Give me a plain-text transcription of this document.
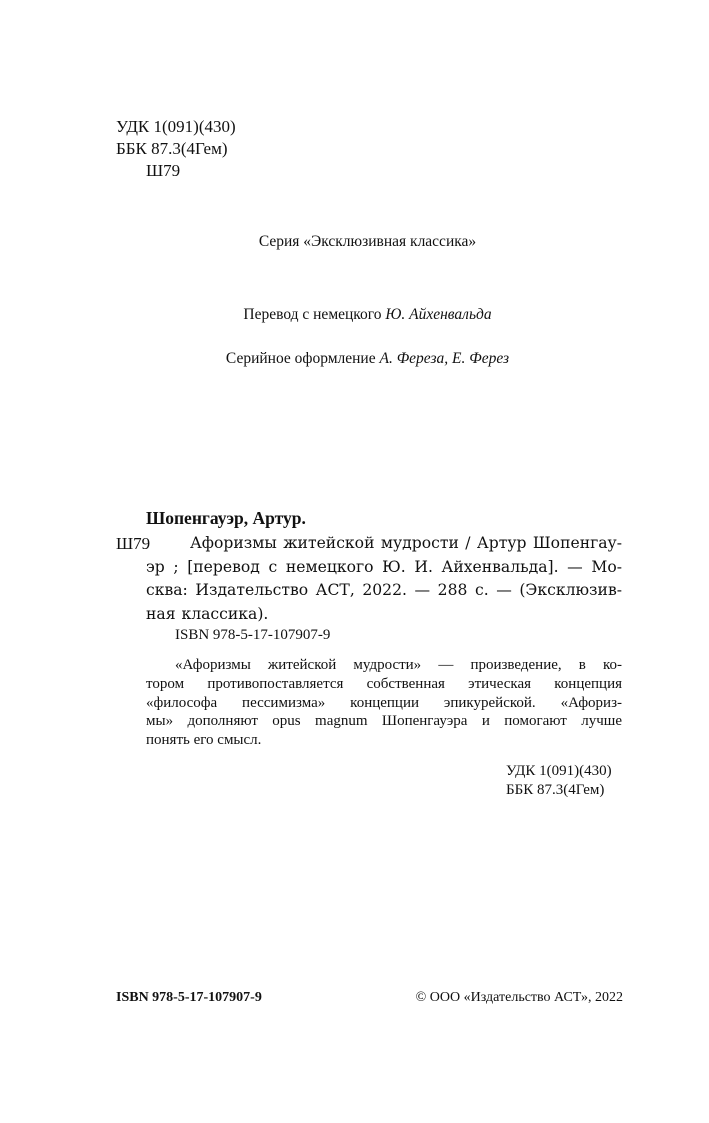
УДК 1(091)(430)
ББК 87.3(4Гем)
Ш79
Серия «Эксклюзивная классика»
Перевод с немецкого Ю. Айхенвальда
Серийное оформление А. Фереза, Е. Ферез
Шопенгауэр, Артур.
Ш79	Афоризмы житейской мудрости / Артур Шопенгау-
эр ; [перевод с немецкого Ю. И. Айхенвальда]. — Мо-
сква: Издательство АСТ, 2022. — 288 с. — (Эксклюзив-
ная классика).
ISBN 978-5-17-107907-9
«Афоризмы житейской мудрости» — произведение, в ко-
тором противопоставляется собственная этическая концепция
«философа пессимизма» концепции эпикурейской. «Афориз-
мы» дополняют opus magnum Шопенгауэра и помогают лучше
понять его смысл.
УДК 1(091)(430)
ББК 87.3(4Гем)
ISBN 978-5-17-107907-9	© ООО «Издательство АСТ», 2022
